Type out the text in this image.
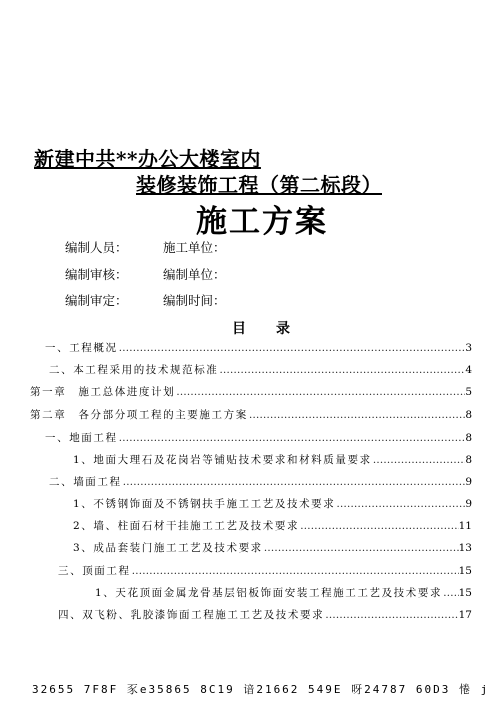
新建中共**办公大楼室内
装修装饰工程（第二标段）
施工方案
编制人员：	施工单位：
编制审核：	编制单位：
编制审定：	编制时间：
目录
一、工程概况 ……………………………………………………………………………………………………………………………………………………………………	3
二、本工程采用的技术规范标准 ……………………………………………………………………………………………………………………………………………………………………	4
第一章　施工总体进度计划 ……………………………………………………………………………………………………………………………………………………………………	5
第二章　各分部分项工程的主要施工方案 ……………………………………………………………………………………………………………………………………………………………………	8
一、地面工程 ……………………………………………………………………………………………………………………………………………………………………	8
1、地面大理石及花岗岩等铺贴技术要求和材料质量要求 ……………………………………………………………………………………………………………………………………………………………………	8
二、墙面工程 ……………………………………………………………………………………………………………………………………………………………………	9
1、不锈钢饰面及不锈钢扶手施工工艺及技术要求 ……………………………………………………………………………………………………………………………………………………………………	9
2、墙、柱面石材干挂施工工艺及技术要求 ……………………………………………………………………………………………………………………………………………………………………	11
3、成品套装门施工工艺及技术要求 ……………………………………………………………………………………………………………………………………………………………………	13
三、顶面工程 ……………………………………………………………………………………………………………………………………………………………………	15
1、天花顶面金属龙骨基层铝板饰面安装工程施工工艺及技术要求 …………………………………………………………………………………………………………………………………………………………………… 15
四、双飞粉、乳胶漆饰面工程施工工艺及技术要求 ……………………………………………………………………………………………………………………………………………………………………	17
32655 7F8F 豕e35865 8C19 谙21662 549E 呀24787 60D3 惓 j
